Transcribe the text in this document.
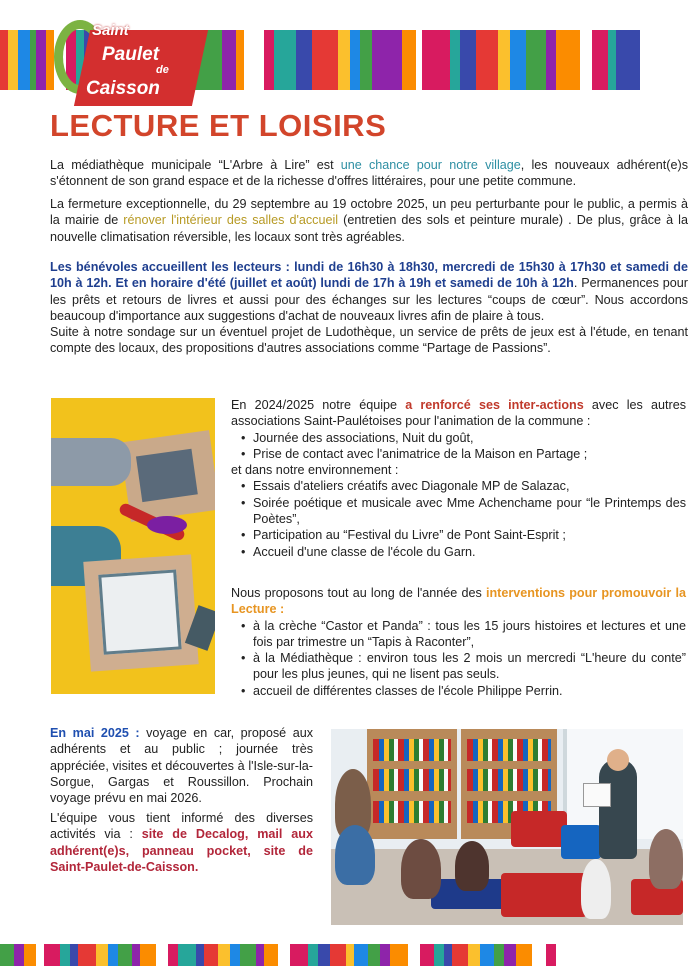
Saint
Paulet
de
Caisson
LECTURE ET LOISIRS

La médiathèque municipale “L'Arbre à Lire” est une chance pour notre village, les nouveaux adhérent(e)s s'étonnent de son grand espace et de la richesse d'offres littéraires, pour une petite commune.

La fermeture exceptionnelle, du 29 septembre au 19 octobre 2025, un peu perturbante pour le public, a permis à la mairie de rénover l'intérieur des salles d'accueil (entretien des sols et peinture murale) . De plus, grâce à la nouvelle climatisation réversible, les locaux sont très agréables.

Les bénévoles accueillent les lecteurs : lundi de 16h30 à 18h30, mercredi de 15h30 à 17h30 et samedi de 10h à 12h. Et en horaire d'été (juillet et août) lundi de 17h à 19h et samedi de 10h à 12h. Permanences pour les prêts et retours de livres et aussi pour des échanges sur les lectures “coups de cœur”. Nous accordons beaucoup d'importance aux suggestions d'achat de nouveaux livres afin de plaire à tous.
Suite à notre sondage sur un éventuel projet de Ludothèque, un service de prêts de jeux est à l'étude, en tenant compte des locaux, des propositions d'autres associations comme “Partage de Passions”.

En 2024/2025 notre équipe a renforcé ses inter-actions avec les autres associations Saint-Paulétoises pour l'animation de la commune :
• Journée des associations, Nuit du goût,
• Prise de contact avec l'animatrice de la Maison en Partage ;
et dans notre environnement :
• Essais d'ateliers créatifs avec Diagonale MP de Salazac,
• Soirée poétique et musicale avec Mme Achenchame pour “le Printemps des Poètes”,
• Participation au “Festival du Livre” de Pont Saint-Esprit ;
• Accueil d'une classe de l'école du Garn.
Nous proposons tout au long de l'année des interventions pour promouvoir la Lecture :
• à la crèche “Castor et Panda” : tous les 15 jours histoires et lectures et une fois par trimestre un “Tapis à Raconter”,
• à la Médiathèque : environ tous les 2 mois un mercredi “L'heure du conte” pour les plus jeunes, qui ne lisent pas seuls.
• accueil de différentes classes de l'école Philippe Perrin.
En mai 2025 : voyage en car, proposé aux adhérents et au public ; journée très appréciée, visites et découvertes à l'Isle-sur-la-Sorgue, Gargas et Roussillon. Prochain voyage prévu en mai 2026.
L'équipe vous tient informé des diverses activités via : site de Decalog, mail aux adhérent(e)s, panneau pocket, site de Saint-Paulet-de-Caisson.
